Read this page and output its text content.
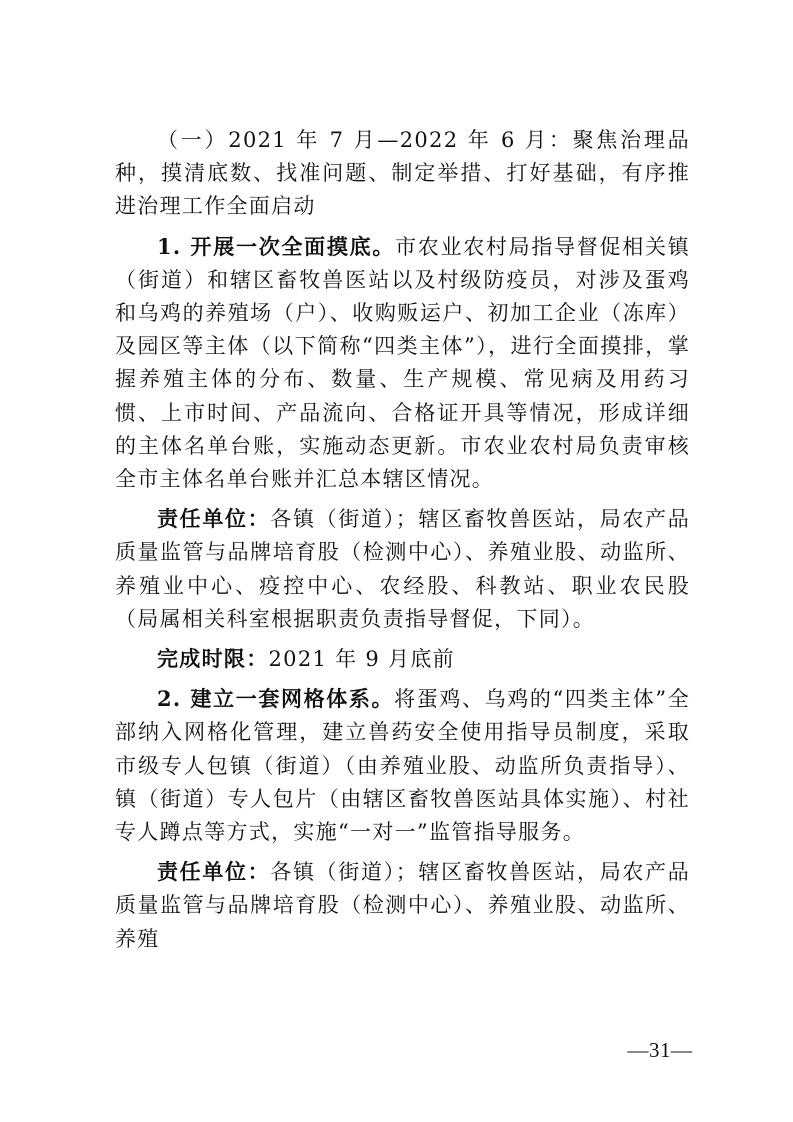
（一）2021 年 7 月—2022 年 6 月：聚焦治理品种，摸清底数、找准问题、制定举措、打好基础，有序推进治理工作全面启动

1. 开展一次全面摸底。市农业农村局指导督促相关镇（街道）和辖区畜牧兽医站以及村级防疫员，对涉及蛋鸡和乌鸡的养殖场（户）、收购贩运户、初加工企业（冻库）及园区等主体（以下简称“四类主体”），进行全面摸排，掌握养殖主体的分布、数量、生产规模、常见病及用药习惯、上市时间、产品流向、合格证开具等情况，形成详细的主体名单台账，实施动态更新。市农业农村局负责审核全市主体名单台账并汇总本辖区情况。

责任单位：各镇（街道）；辖区畜牧兽医站，局农产品质量监管与品牌培育股（检测中心）、养殖业股、动监所、养殖业中心、疫控中心、农经股、科教站、职业农民股（局属相关科室根据职责负责指导督促，下同）。

完成时限：2021 年 9 月底前

2. 建立一套网格体系。将蛋鸡、乌鸡的“四类主体”全部纳入网格化管理，建立兽药安全使用指导员制度，采取市级专人包镇（街道）（由养殖业股、动监所负责指导）、镇（街道）专人包片（由辖区畜牧兽医站具体实施）、村社专人蹲点等方式，实施“一对一”监管指导服务。

责任单位：各镇（街道）；辖区畜牧兽医站，局农产品质量监管与品牌培育股（检测中心）、养殖业股、动监所、养殖

—31—
